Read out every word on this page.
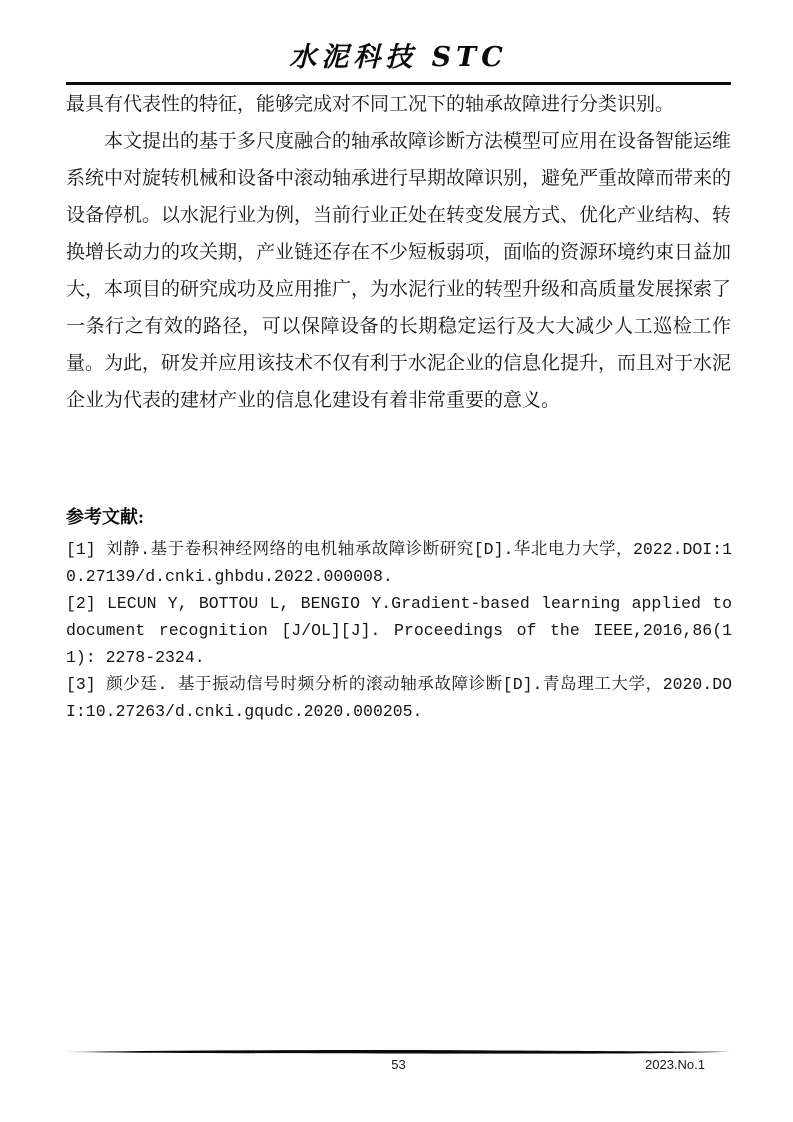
水泥科技 STC

最具有代表性的特征，能够完成对不同工况下的轴承故障进行分类识别。

本文提出的基于多尺度融合的轴承故障诊断方法模型可应用在设备智能运维系统中对旋转机械和设备中滚动轴承进行早期故障识别，避免严重故障而带来的设备停机。以水泥行业为例，当前行业正处在转变发展方式、优化产业结构、转换增长动力的攻关期，产业链还存在不少短板弱项，面临的资源环境约束日益加大，本项目的研究成功及应用推广，为水泥行业的转型升级和高质量发展探索了一条行之有效的路径，可以保障设备的长期稳定运行及大大减少人工巡检工作量。为此，研发并应用该技术不仅有利于水泥企业的信息化提升，而且对于水泥企业为代表的建材产业的信息化建设有着非常重要的意义。

参考文献:

[1] 刘静.基于卷积神经网络的电机轴承故障诊断研究[D].华北电力大学，2022.DOI:10.27139/d.cnki.ghbdu.2022.000008.

[2] LECUN Y, BOTTOU L, BENGIO Y.Gradient-based learning applied to document recognition [J/OL][J]. Proceedings of the IEEE,2016,86(11): 2278-2324.

[3] 颜少廷. 基于振动信号时频分析的滚动轴承故障诊断[D].青岛理工大学，2020.DOI:10.27263/d.cnki.gqudc.2020.000205.

53	2023.No.1
